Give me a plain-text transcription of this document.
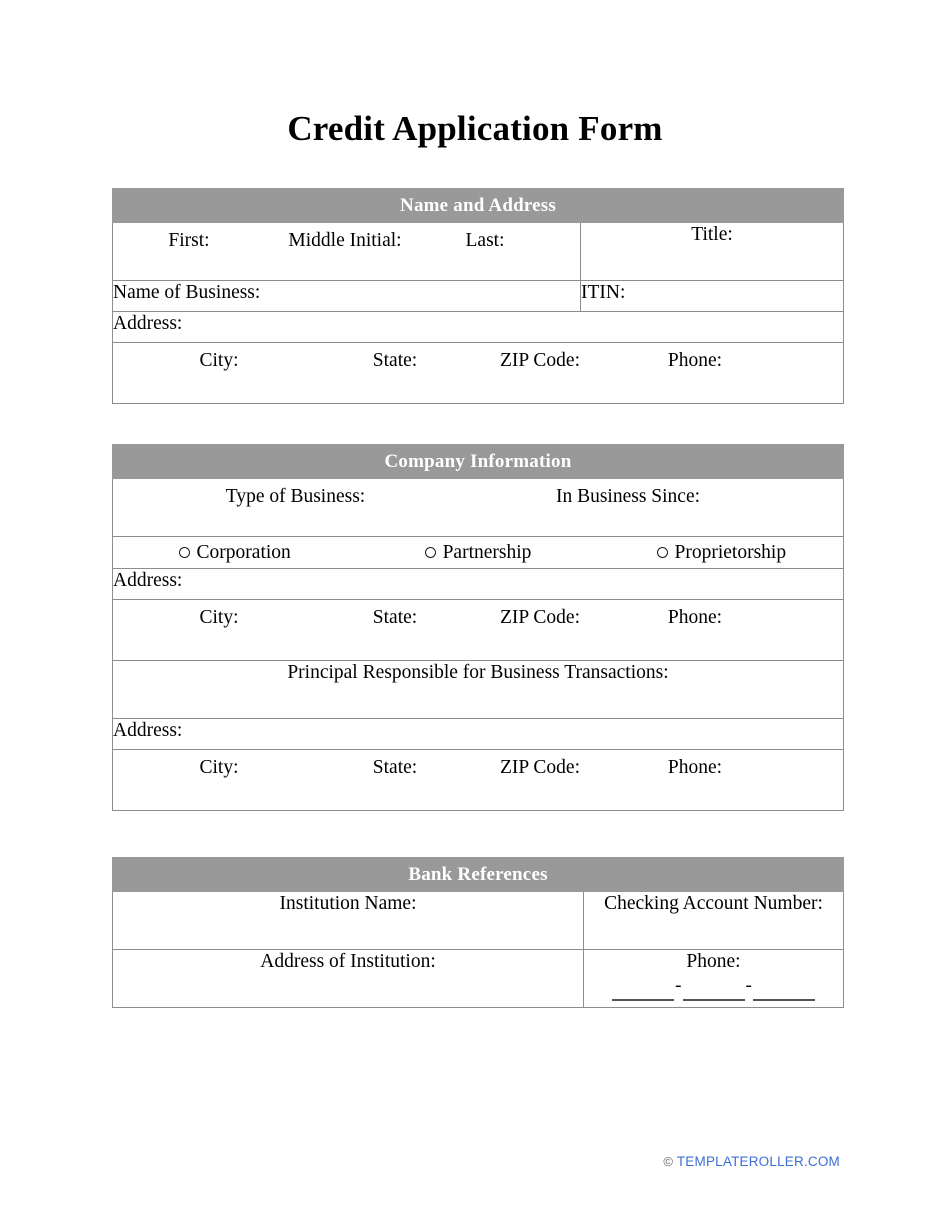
Credit Application Form
Name and Address	

First: Middle Initial: Last:	Title:
Name of Business:	ITIN:
Address:	

City: State: ZIP Code: Phone:	
Company Information

Type of Business:	In Business Since:

Corporation	Partnership	Proprietorship

Address:

City:	State:	ZIP Code:	Phone:

Principal Responsible for Business Transactions:
Address:

City:	State:	ZIP Code:	Phone:
Bank References	
Institution Name:	Checking Account Number:
Address of Institution:	Phone:
- -
© TEMPLATEROLLER.COM
